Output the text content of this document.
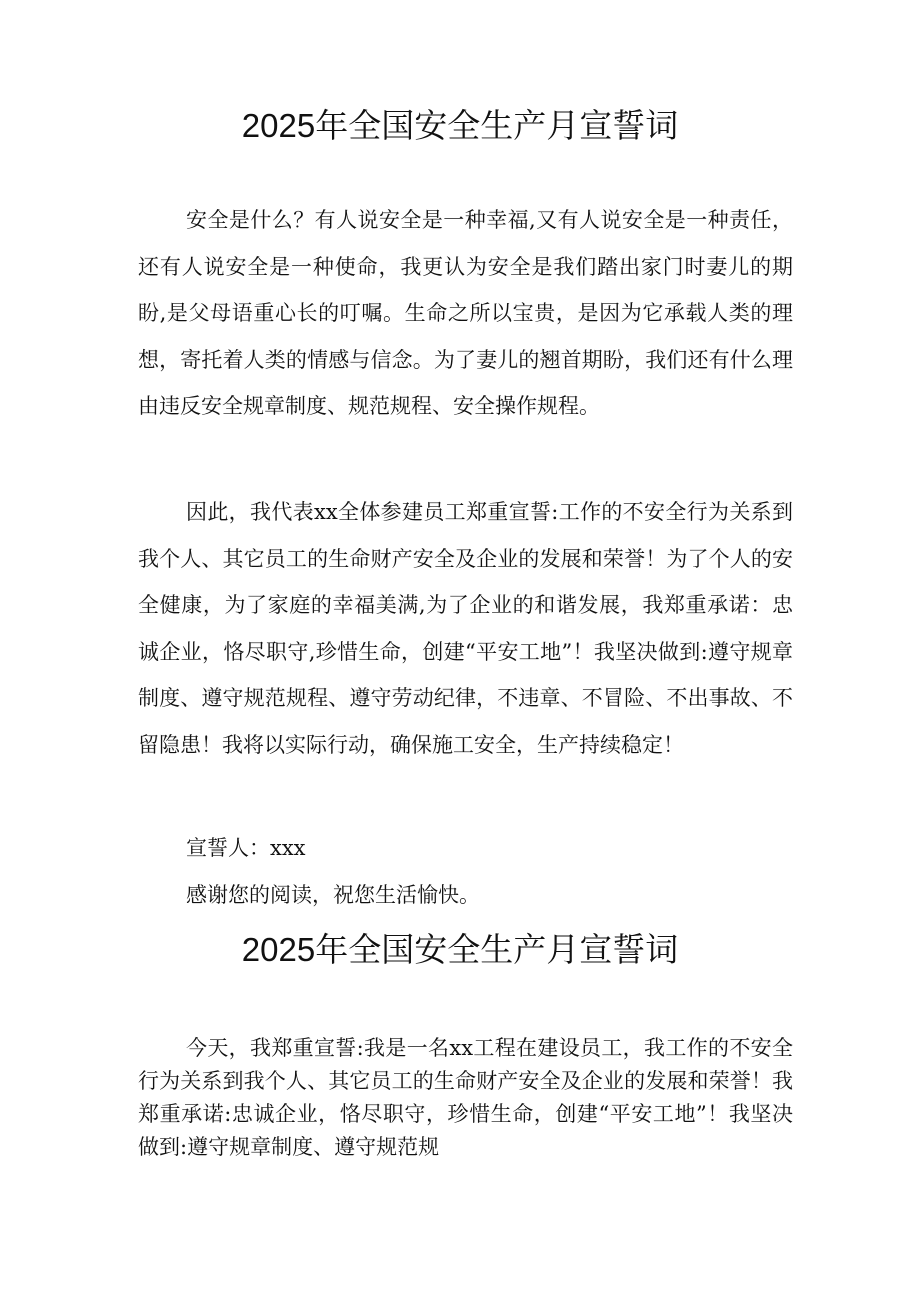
2025年全国安全生产月宣誓词

安全是什么？有人说安全是一种幸福,又有人说安全是一种责任，还有人说安全是一种使命，我更认为安全是我们踏出家门时妻儿的期盼,是父母语重心长的叮嘱。生命之所以宝贵，是因为它承载人类的理想，寄托着人类的情感与信念。为了妻儿的翘首期盼，我们还有什么理由违反安全规章制度、规范规程、安全操作规程。

因此，我代表xx全体参建员工郑重宣誓:工作的不安全行为关系到我个人、其它员工的生命财产安全及企业的发展和荣誉！为了个人的安全健康，为了家庭的幸福美满,为了企业的和谐发展，我郑重承诺：忠诚企业，恪尽职守,珍惜生命，创建“平安工地”！我坚决做到:遵守规章制度、遵守规范规程、遵守劳动纪律，不违章、不冒险、不出事故、不留隐患！我将以实际行动，确保施工安全，生产持续稳定！

宣誓人：xxx

感谢您的阅读，祝您生活愉快。

2025年全国安全生产月宣誓词

今天，我郑重宣誓:我是一名xx工程在建设员工，我工作的不安全行为关系到我个人、其它员工的生命财产安全及企业的发展和荣誉！我郑重承诺:忠诚企业，恪尽职守，珍惜生命，创建“平安工地”！我坚决做到:遵守规章制度、遵守规范规
